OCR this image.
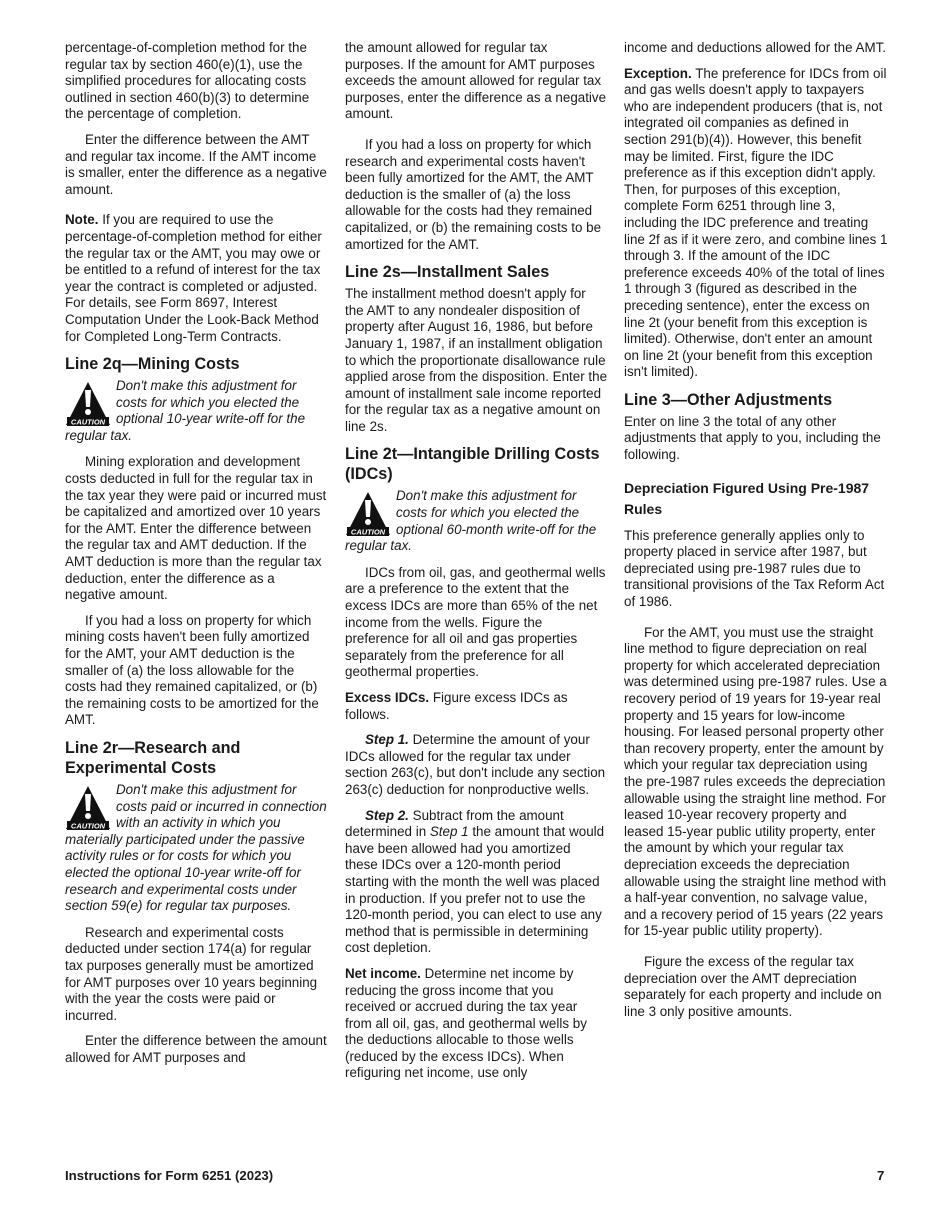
percentage-of-completion method for the regular tax by section 460(e)(1), use the simplified procedures for allocating costs outlined in section 460(b)(3) to determine the percentage of completion.

Enter the difference between the AMT and regular tax income. If the AMT income is smaller, enter the difference as a negative amount.

Note. If you are required to use the percentage-of-completion method for either the regular tax or the AMT, you may owe or be entitled to a refund of interest for the tax year the contract is completed or adjusted. For details, see Form 8697, Interest Computation Under the Look-Back Method for Completed Long-Term Contracts.

Line 2q—Mining Costs
CAUTION
Don't make this adjustment for costs for which you elected the optional 10-year write-off for the regular tax.

Mining exploration and development costs deducted in full for the regular tax in the tax year they were paid or incurred must be capitalized and amortized over 10 years for the AMT. Enter the difference between the regular tax and AMT deduction. If the AMT deduction is more than the regular tax deduction, enter the difference as a negative amount.

If you had a loss on property for which mining costs haven't been fully amortized for the AMT, your AMT deduction is the smaller of (a) the loss allowable for the costs had they remained capitalized, or (b) the remaining costs to be amortized for the AMT.

Line 2r—Research and Experimental Costs
CAUTION
Don't make this adjustment for costs paid or incurred in connection with an activity in which you materially participated under the passive activity rules or for costs for which you elected the optional 10-year write-off for research and experimental costs under section 59(e) for regular tax purposes.

Research and experimental costs deducted under section 174(a) for regular tax purposes generally must be amortized for AMT purposes over 10 years beginning with the year the costs were paid or incurred.

Enter the difference between the amount allowed for AMT purposes and

the amount allowed for regular tax purposes. If the amount for AMT purposes exceeds the amount allowed for regular tax purposes, enter the difference as a negative amount.

If you had a loss on property for which research and experimental costs haven't been fully amortized for the AMT, the AMT deduction is the smaller of (a) the loss allowable for the costs had they remained capitalized, or (b) the remaining costs to be amortized for the AMT.

Line 2s—Installment Sales

The installment method doesn't apply for the AMT to any nondealer disposition of property after August 16, 1986, but before January 1, 1987, if an installment obligation to which the proportionate disallowance rule applied arose from the disposition. Enter the amount of installment sale income reported for the regular tax as a negative amount on line 2s.

Line 2t—Intangible Drilling Costs (IDCs)
CAUTION
Don't make this adjustment for costs for which you elected the optional 60-month write-off for the regular tax.

IDCs from oil, gas, and geothermal wells are a preference to the extent that the excess IDCs are more than 65% of the net income from the wells. Figure the preference for all oil and gas properties separately from the preference for all geothermal properties.

Excess IDCs. Figure excess IDCs as follows.

Step 1. Determine the amount of your IDCs allowed for the regular tax under section 263(c), but don't include any section 263(c) deduction for nonproductive wells.

Step 2. Subtract from the amount determined in Step 1 the amount that would have been allowed had you amortized these IDCs over a 120-month period starting with the month the well was placed in production. If you prefer not to use the 120-month period, you can elect to use any method that is permissible in determining cost depletion.

Net income. Determine net income by reducing the gross income that you received or accrued during the tax year from all oil, gas, and geothermal wells by the deductions allocable to those wells (reduced by the excess IDCs). When refiguring net income, use only

income and deductions allowed for the AMT.

Exception. The preference for IDCs from oil and gas wells doesn't apply to taxpayers who are independent producers (that is, not integrated oil companies as defined in section 291(b)(4)). However, this benefit may be limited. First, figure the IDC preference as if this exception didn't apply. Then, for purposes of this exception, complete Form 6251 through line 3, including the IDC preference and treating line 2f as if it were zero, and combine lines 1 through 3. If the amount of the IDC preference exceeds 40% of the total of lines 1 through 3 (figured as described in the preceding sentence), enter the excess on line 2t (your benefit from this exception is limited). Otherwise, don't enter an amount on line 2t (your benefit from this exception isn't limited).

Line 3—Other Adjustments

Enter on line 3 the total of any other adjustments that apply to you, including the following.

Depreciation Figured Using Pre-1987 Rules

This preference generally applies only to property placed in service after 1987, but depreciated using pre-1987 rules due to transitional provisions of the Tax Reform Act of 1986.

For the AMT, you must use the straight line method to figure depreciation on real property for which accelerated depreciation was determined using pre-1987 rules. Use a recovery period of 19 years for 19-year real property and 15 years for low-income housing. For leased personal property other than recovery property, enter the amount by which your regular tax depreciation using the pre-1987 rules exceeds the depreciation allowable using the straight line method. For leased 10-year recovery property and leased 15-year public utility property, enter the amount by which your regular tax depreciation exceeds the depreciation allowable using the straight line method with a half-year convention, no salvage value, and a recovery period of 15 years (22 years for 15-year public utility property).

Figure the excess of the regular tax depreciation over the AMT depreciation separately for each property and include on line 3 only positive amounts.

Instructions for Form 6251 (2023)	7
